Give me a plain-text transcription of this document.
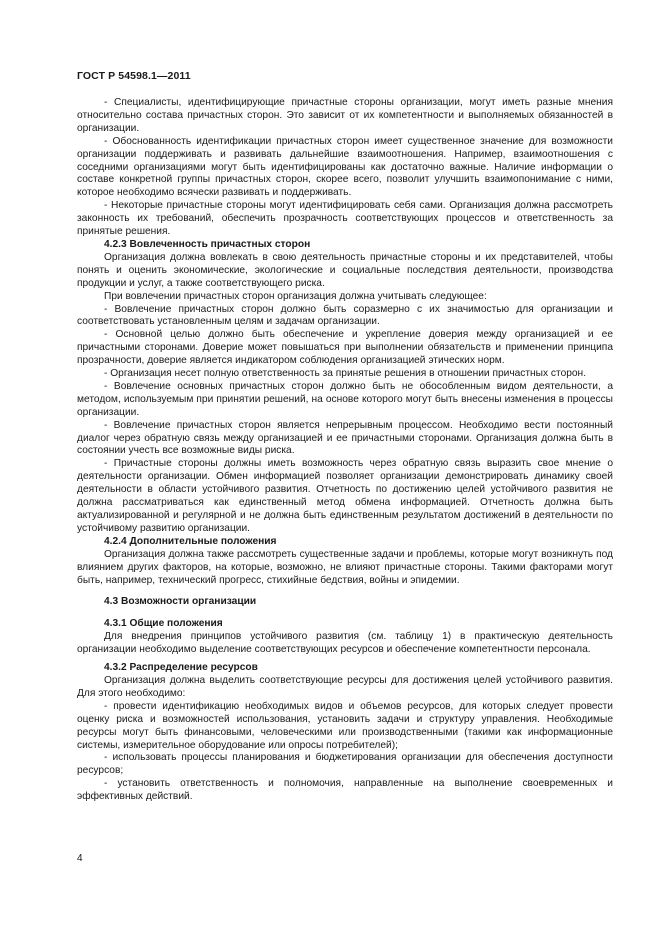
ГОСТ Р 54598.1—2011

- Специалисты, идентифицирующие причастные стороны организации, могут иметь разные мнения относительно состава причастных сторон. Это зависит от их компетентности и выполняемых обязанностей в организации.

- Обоснованность идентификации причастных сторон имеет существенное значение для возможности организации поддерживать и развивать дальнейшие взаимоотношения. Например, взаимоотношения с соседними организациями могут быть идентифицированы как достаточно важные. Наличие информации о составе конкретной группы причастных сторон, скорее всего, позволит улучшить взаимопонимание с ними, которое необходимо всячески развивать и поддерживать.

- Некоторые причастные стороны могут идентифицировать себя сами. Организация должна рассмотреть законность их требований, обеспечить прозрачность соответствующих процессов и ответственность за принятые решения.

4.2.3 Вовлеченность причастных сторон

Организация должна вовлекать в свою деятельность причастные стороны и их представителей, чтобы понять и оценить экономические, экологические и социальные последствия деятельности, производства продукции и услуг, а также соответствующего риска.

При вовлечении причастных сторон организация должна учитывать следующее:

- Вовлечение причастных сторон должно быть соразмерно с их значимостью для организации и соответствовать установленным целям и задачам организации.

- Основной целью должно быть обеспечение и укрепление доверия между организацией и ее причастными сторонами. Доверие может повышаться при выполнении обязательств и применении принципа прозрачности, доверие является индикатором соблюдения организацией этических норм.

- Организация несет полную ответственность за принятые решения в отношении причастных сторон.

- Вовлечение основных причастных сторон должно быть не обособленным видом деятельности, а методом, используемым при принятии решений, на основе которого могут быть внесены изменения в процессы организации.

- Вовлечение причастных сторон является непрерывным процессом. Необходимо вести постоянный диалог через обратную связь между организацией и ее причастными сторонами. Организация должна быть в состоянии учесть все возможные виды риска.

- Причастные стороны должны иметь возможность через обратную связь выразить свое мнение о деятельности организации. Обмен информацией позволяет организации демонстрировать динамику своей деятельности в области устойчивого развития. Отчетность по достижению целей устойчивого развития не должна рассматриваться как единственный метод обмена информацией. Отчетность должна быть актуализированной и регулярной и не должна быть единственным результатом достижений в деятельности по устойчивому развитию организации.

4.2.4 Дополнительные положения

Организация должна также рассмотреть существенные задачи и проблемы, которые могут возникнуть под влиянием других факторов, на которые, возможно, не влияют причастные стороны. Такими факторами могут быть, например, технический прогресс, стихийные бедствия, войны и эпидемии.

4.3 Возможности организации

4.3.1 Общие положения

Для внедрения принципов устойчивого развития (см. таблицу 1) в практическую деятельность организации необходимо выделение соответствующих ресурсов и обеспечение компетентности персонала.

4.3.2 Распределение ресурсов

Организация должна выделить соответствующие ресурсы для достижения целей устойчивого развития. Для этого необходимо:

- провести идентификацию необходимых видов и объемов ресурсов, для которых следует провести оценку риска и возможностей использования, установить задачи и структуру управления. Необходимые ресурсы могут быть финансовыми, человеческими или производственными (такими как информационные системы, измерительное оборудование или опросы потребителей);

- использовать процессы планирования и бюджетирования организации для обеспечения доступности ресурсов;

- установить ответственность и полномочия, направленные на выполнение своевременных и эффективных действий.

4
